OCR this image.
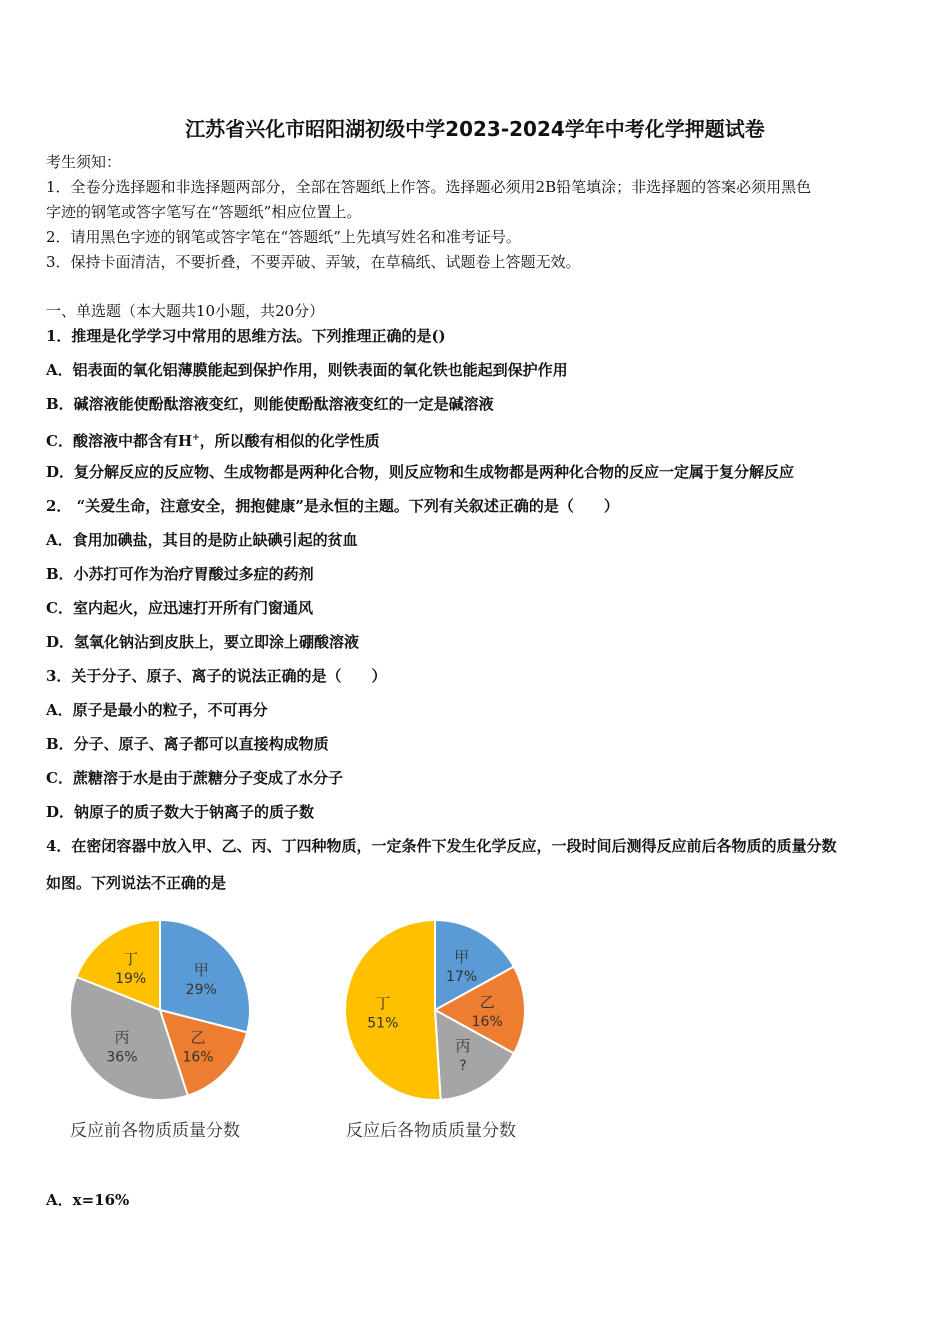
江苏省兴化市昭阳湖初级中学2023-2024学年中考化学押题试卷
考生须知：
1．全卷分选择题和非选择题两部分，全部在答题纸上作答。选择题必须用2B铅笔填涂；非选择题的答案必须用黑色
字迹的钢笔或答字笔写在“答题纸”相应位置上。
2．请用黑色字迹的钢笔或答字笔在“答题纸”上先填写姓名和准考证号。
3．保持卡面清洁，不要折叠，不要弄破、弄皱，在草稿纸、试题卷上答题无效。
一、单选题（本大题共10小题，共20分）
1．推理是化学学习中常用的思维方法。下列推理正确的是()
A．铝表面的氧化铝薄膜能起到保护作用，则铁表面的氧化铁也能起到保护作用
B．碱溶液能使酚酞溶液变红，则能使酚酞溶液变红的一定是碱溶液
C．酸溶液中都含有H+，所以酸有相似的化学性质
D．复分解反应的反应物、生成物都是两种化合物，则反应物和生成物都是两种化合物的反应一定属于复分解反应
2． “关爱生命，注意安全，拥抱健康”是永恒的主题。下列有关叙述正确的是（　　）
A．食用加碘盐，其目的是防止缺碘引起的贫血
B．小苏打可作为治疗胃酸过多症的药剂
C．室内起火，应迅速打开所有门窗通风
D．氢氧化钠沾到皮肤上，要立即涂上硼酸溶液
3．关于分子、原子、离子的说法正确的是（　　）
A．原子是最小的粒子，不可再分
B．分子、原子、离子都可以直接构成物质
C．蔗糖溶于水是由于蔗糖分子变成了水分子
D．钠原子的质子数大于钠离子的质子数
4．在密闭容器中放入甲、乙、丙、丁四种物质，一定条件下发生化学反应，一段时间后测得反应前后各物质的质量分数
如图。下列说法不正确的是
甲
29%
乙
16%
丙
36%
丁
19%
反应前各物质质量分数
甲
17%
乙
16%
丙
?
丁
51%
反应后各物质质量分数
A．x=16%
